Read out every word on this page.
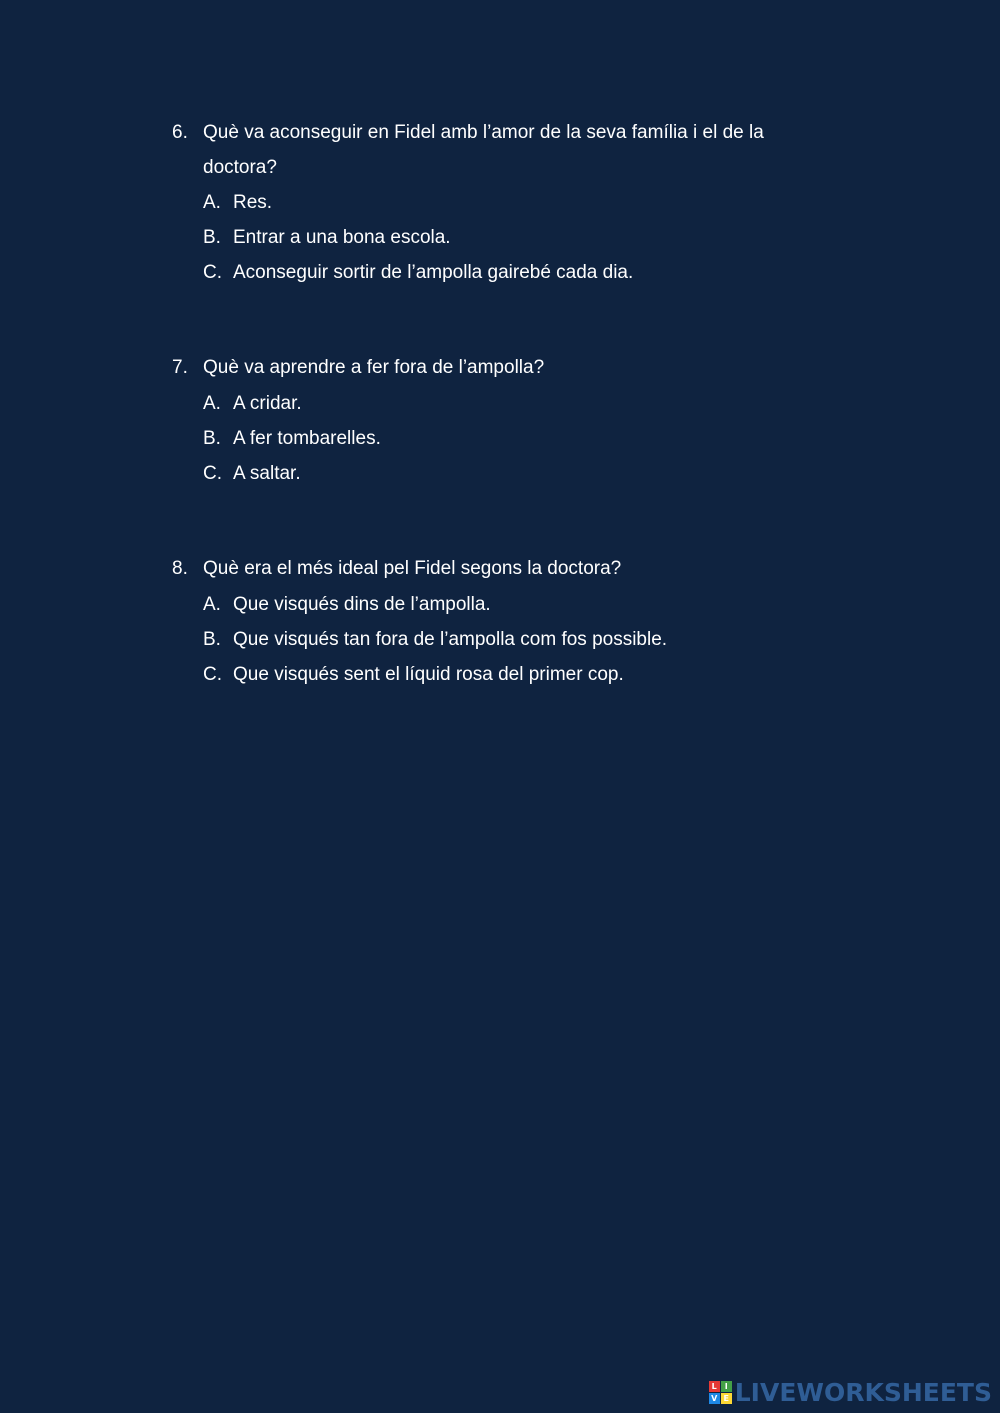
6. Què va aconseguir en Fidel amb l’amor de la seva família i el de la doctora?
A. Res.
B. Entrar a una bona escola.
C. Aconseguir sortir de l’ampolla gairebé cada dia.
7. Què va aprendre a fer fora de l’ampolla?
A. A cridar.
B. A fer tombarelles.
C. A saltar.
8. Què era el més ideal pel Fidel segons la doctora?
A. Que visqués dins de l’ampolla.
B. Que visqués tan fora de l’ampolla com fos possible.
C. Que visqués sent el líquid rosa del primer cop.
L I
V E LIVEWORKSHEETS
